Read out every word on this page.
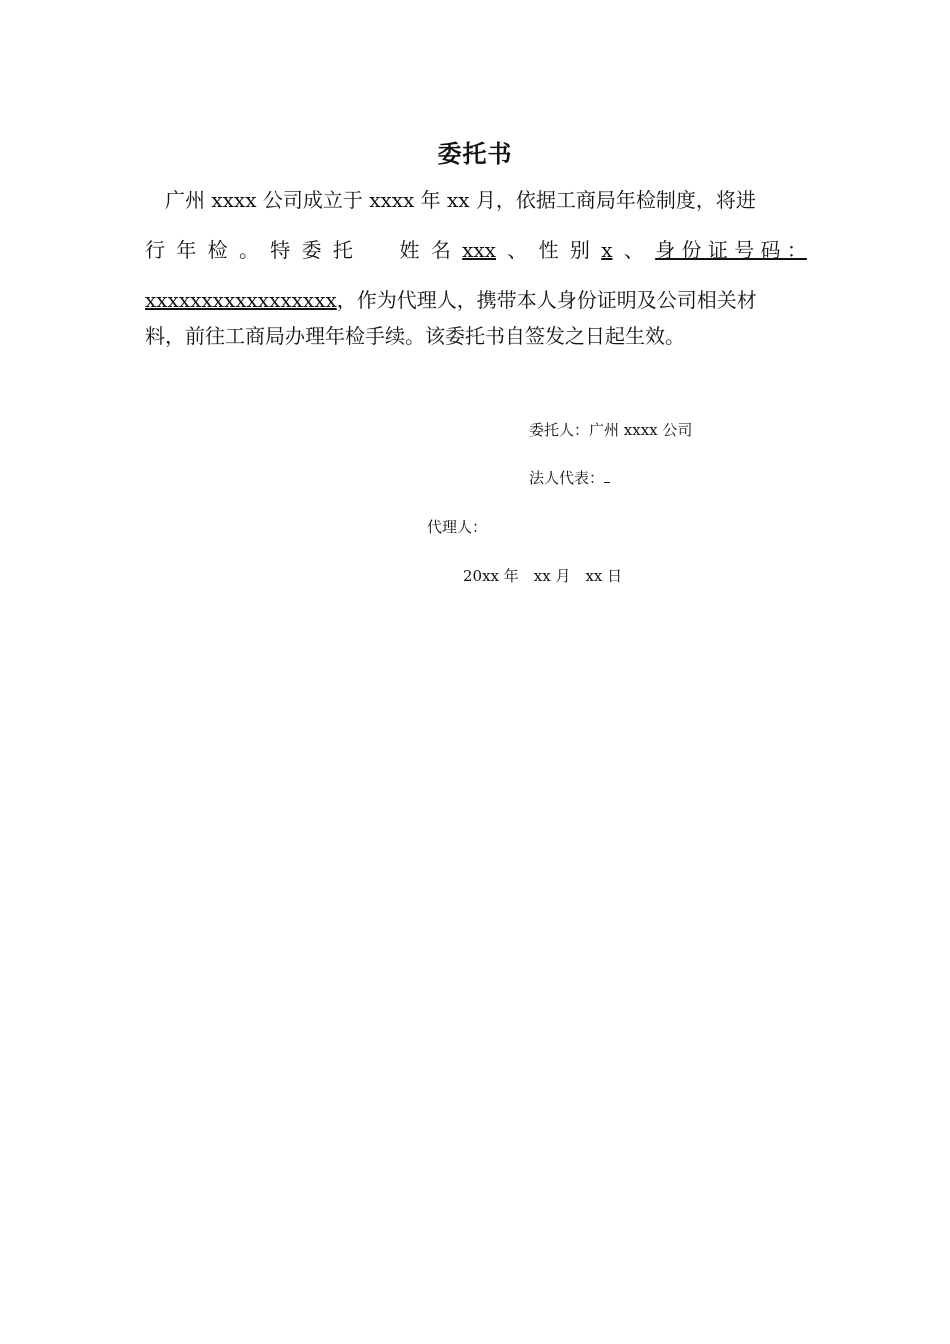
委托书
广州 xxxx 公司成立于 xxxx 年 xx 月，依据工商局年检制度，将进
行 年 检 。 特 委 托 姓 名 xxx 、 性 别 x 、 身 份 证 号 码 ：
xxxxxxxxxxxxxxxxx，作为代理人，携带本人身份证明及公司相关材
料，前往工商局办理年检手续。该委托书自签发之日起生效。
委托人：广州 xxxx 公司
法人代表：
代理人：
20xx 年　xx 月　xx 日
